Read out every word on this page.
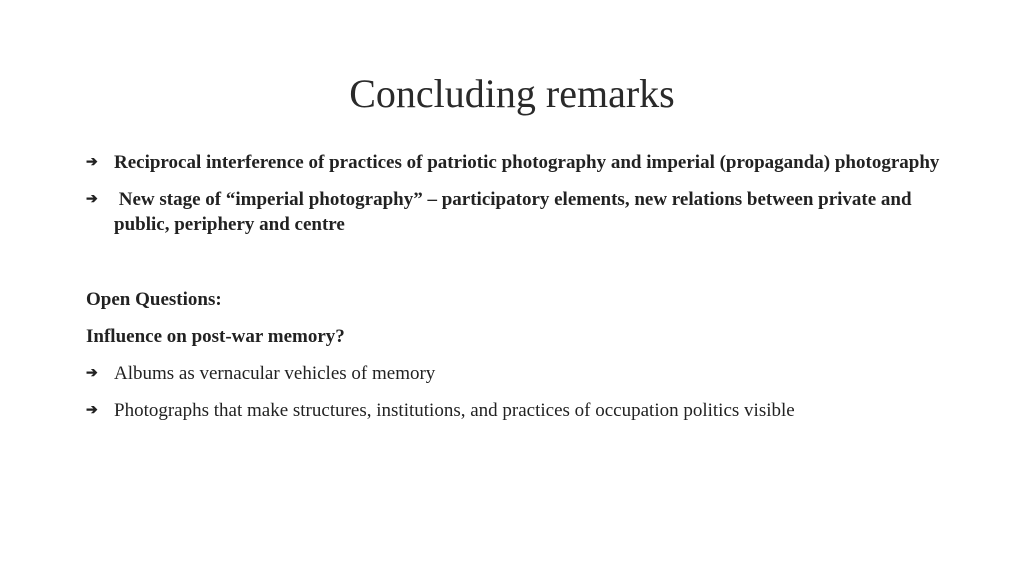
Concluding remarks
➔ Reciprocal interference of practices of patriotic photography and imperial (propaganda) photography
➔ New stage of “imperial photography” – participatory elements, new relations between private and public, periphery and centre
Open Questions:
Influence on post-war memory?
➔ Albums as vernacular vehicles of memory
➔ Photographs that make structures, institutions, and practices of occupation politics visible
